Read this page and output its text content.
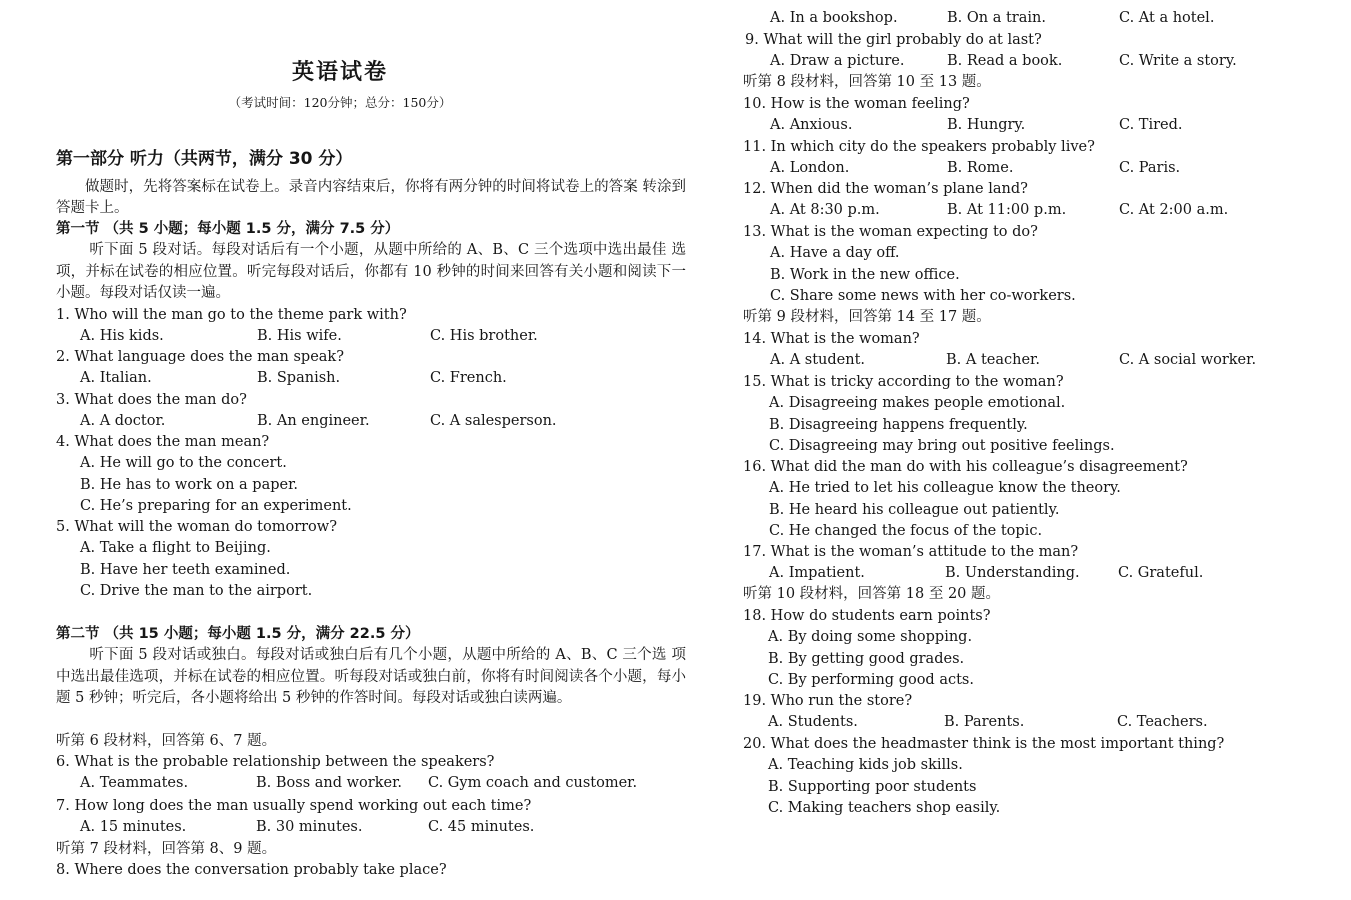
英语试卷
（考试时间：120分钟；总分：150分）
第一部分 听力（共两节，满分 30 分）
做题时，先将答案标在试卷上。录音内容结束后，你将有两分钟的时间将试卷上的答案 转涂到答题卡上。
第一节 （共 5 小题；每小题 1.5 分，满分 7.5 分）
听下面 5 段对话。每段对话后有一个小题，从题中所给的 A、B、C 三个选项中选出最佳 选项，并标在试卷的相应位置。听完每段对话后，你都有 10 秒钟的时间来回答有关小题和阅读下一小题。每段对话仅读一遍。
1. Who will the man go to the theme park with?
A. His kids.	B. His wife.	C. His brother.
2. What language does the man speak?
A. Italian.	B. Spanish.	C. French.
3. What does the man do?
A. A doctor.	B. An engineer.	C. A salesperson.
4. What does the man mean?
A. He will go to the concert.
B. He has to work on a paper.
C. He’s preparing for an experiment.
5. What will the woman do tomorrow?
A. Take a flight to Beijing.
B. Have her teeth examined.
C. Drive the man to the airport.
第二节 （共 15 小题；每小题 1.5 分，满分 22.5 分）
听下面 5 段对话或独白。每段对话或独白后有几个小题，从题中所给的 A、B、C 三个选 项中选出最佳选项，并标在试卷的相应位置。听每段对话或独白前，你将有时间阅读各个小题，每小题 5 秒钟；听完后，各小题将给出 5 秒钟的作答时间。每段对话或独白读两遍。
听第 6 段材料，回答第 6、7 题。
6. What is the probable relationship between the speakers?
A. Teammates.	B. Boss and worker.	C. Gym coach and customer.
7. How long does the man usually spend working out each time?
A. 15 minutes.	B. 30 minutes.	C. 45 minutes.
听第 7 段材料，回答第 8、9 题。
8. Where does the conversation probably take place?
A. In a bookshop.	B. On a train.	C. At a hotel.
9. What will the girl probably do at last?
A. Draw a picture.	B. Read a book.	C. Write a story.
听第 8 段材料，回答第 10 至 13 题。
10. How is the woman feeling?
A. Anxious.	B. Hungry.	C. Tired.
11. In which city do the speakers probably live?
A. London.	B. Rome.	C. Paris.
12. When did the woman’s plane land?
A. At 8:30 p.m.	B. At 11:00 p.m.	C. At 2:00 a.m.
13. What is the woman expecting to do?
A. Have a day off.
B. Work in the new office.
C. Share some news with her co-workers.
听第 9 段材料，回答第 14 至 17 题。
14. What is the woman?
A. A student.	B. A teacher.	C. A social worker.
15. What is tricky according to the woman?
A. Disagreeing makes people emotional.
B. Disagreeing happens frequently.
C. Disagreeing may bring out positive feelings.
16. What did the man do with his colleague’s disagreement?
A. He tried to let his colleague know the theory.
B. He heard his colleague out patiently.
C. He changed the focus of the topic.
17. What is the woman’s attitude to the man?
A. Impatient.	B. Understanding.	C. Grateful.
听第 10 段材料，回答第 18 至 20 题。
18. How do students earn points?
A. By doing some shopping.
B. By getting good grades.
C. By performing good acts.
19. Who run the store?
A. Students.	B. Parents.	C. Teachers.
20. What does the headmaster think is the most important thing?
A. Teaching kids job skills.
B. Supporting poor students
C. Making teachers shop easily.
